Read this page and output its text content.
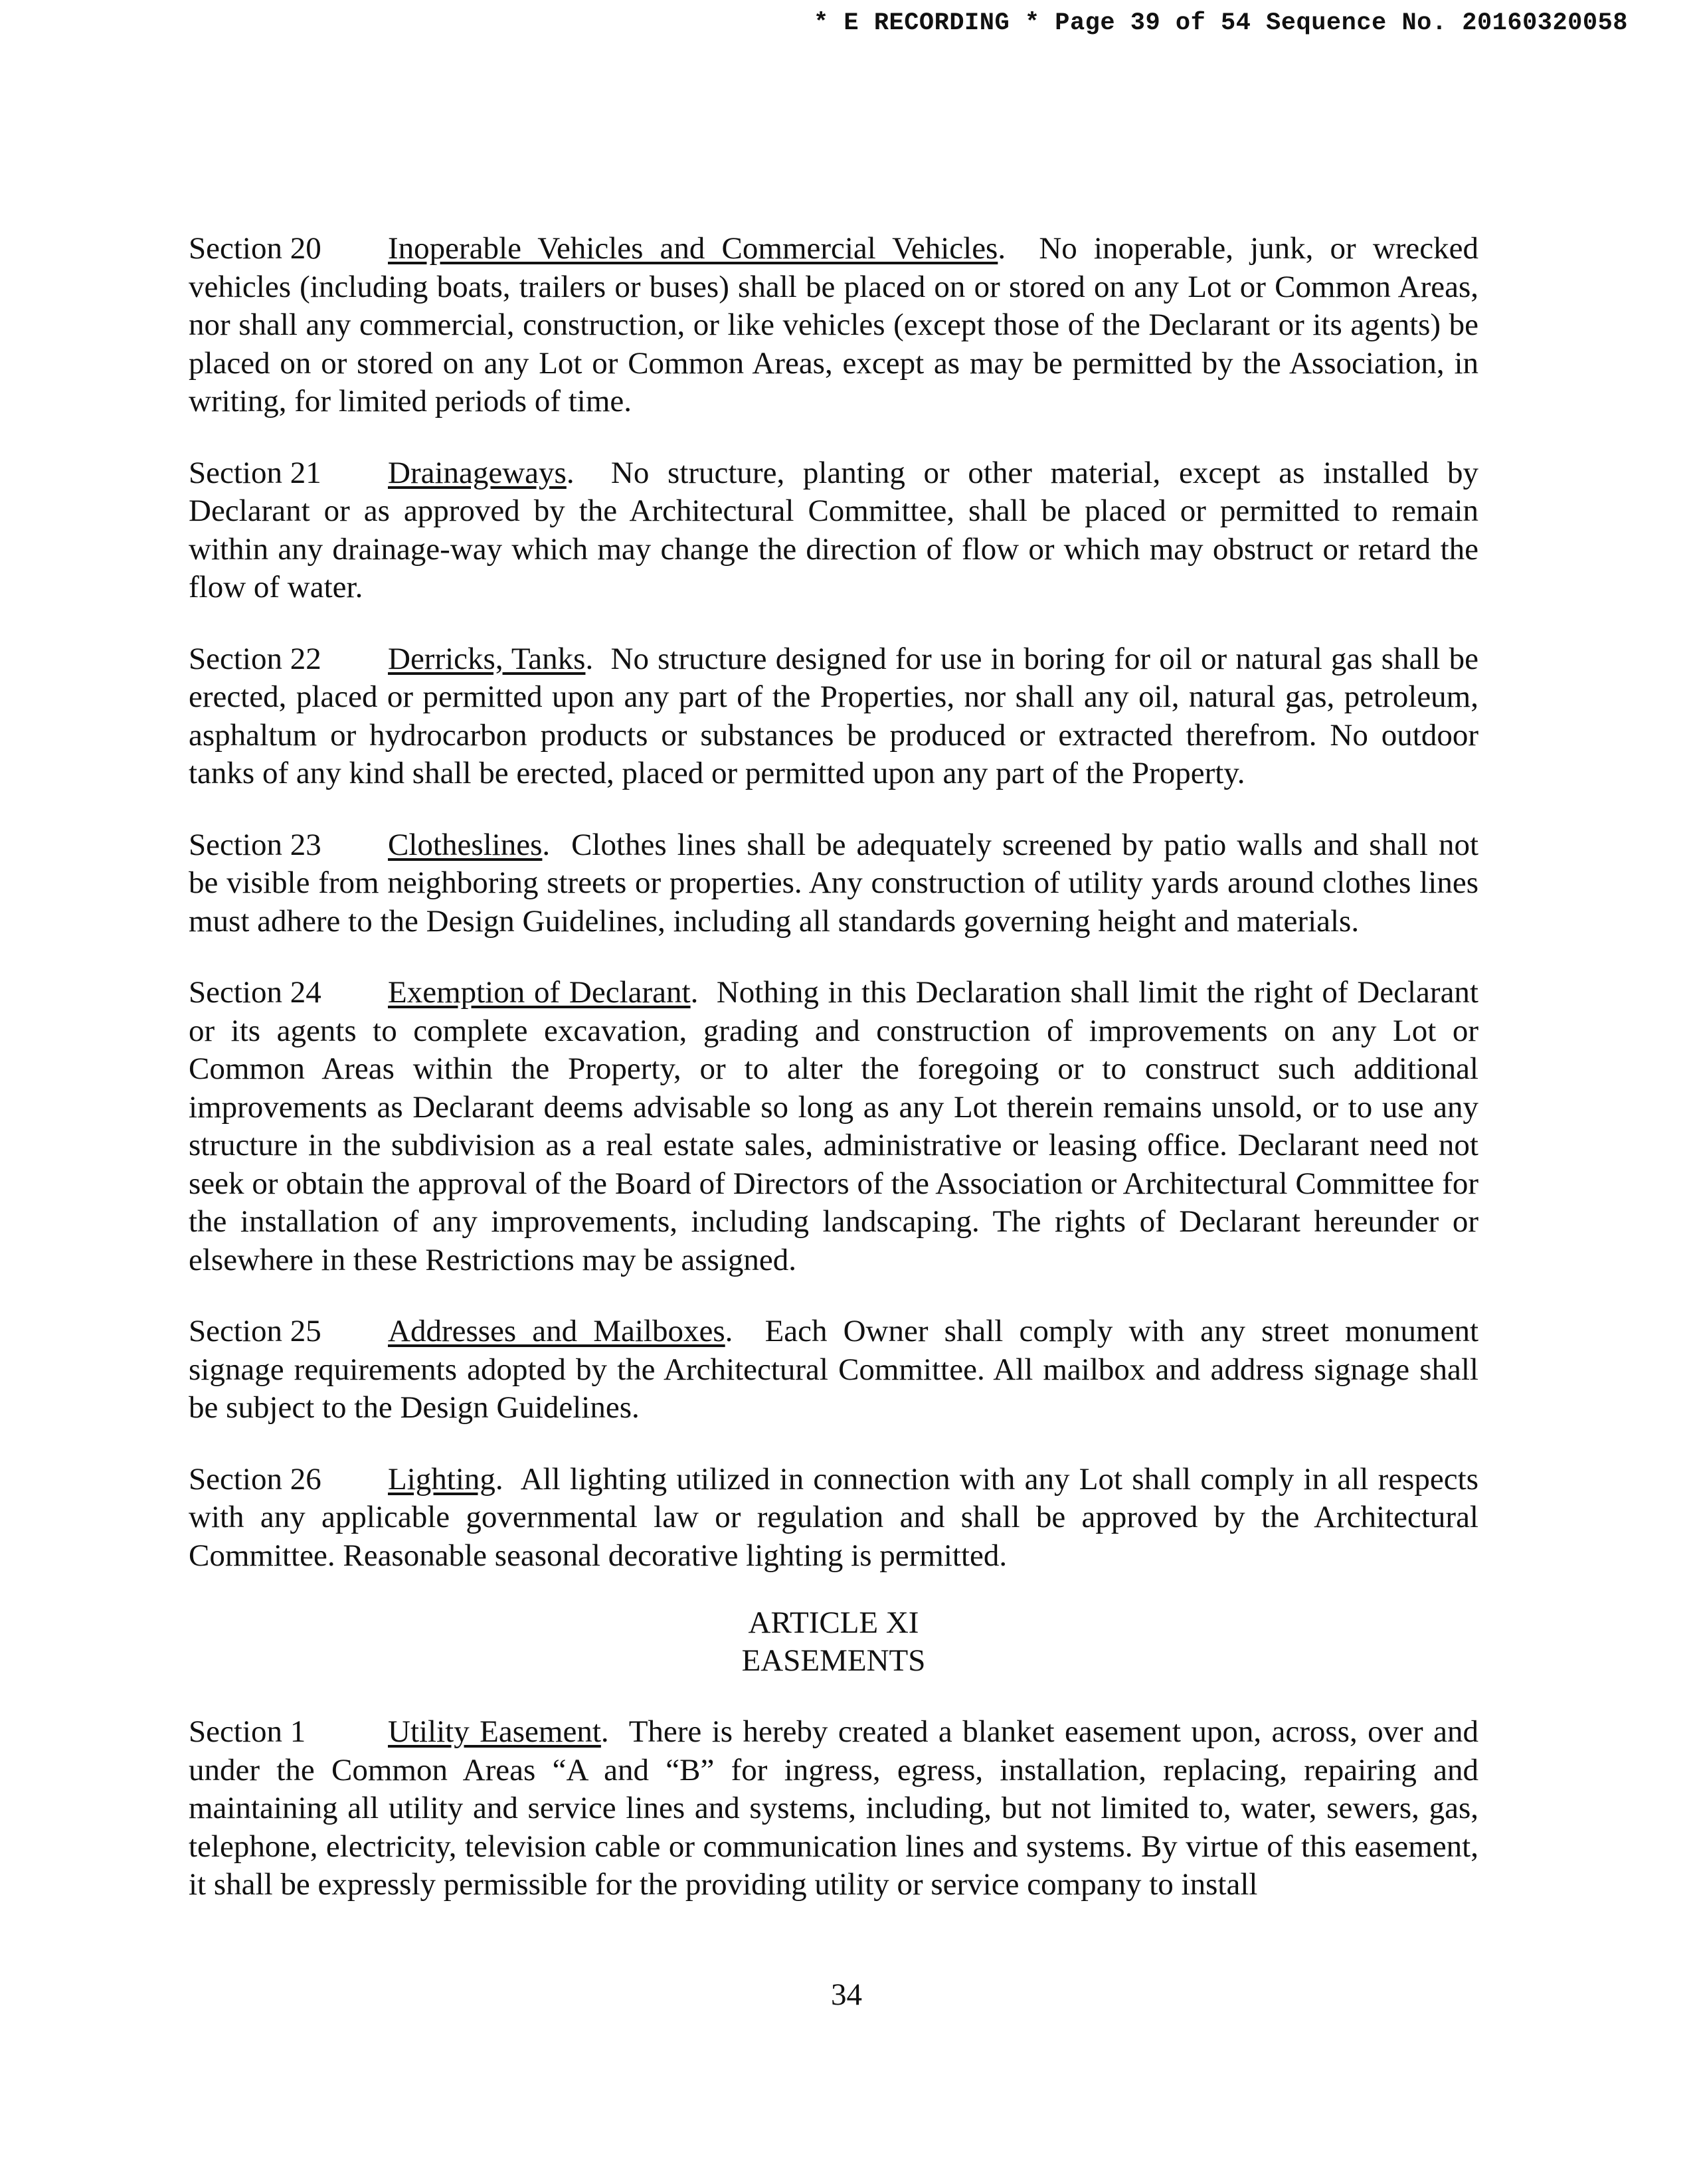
* E RECORDING * Page 39 of 54 Sequence No. 20160320058

Section 20 Inoperable Vehicles and Commercial Vehicles.  No inoperable, junk, or wrecked vehicles (including boats, trailers or buses) shall be placed on or stored on any Lot or Common Areas, nor shall any commercial, construction, or like vehicles (except those of the Declarant or its agents) be placed on or stored on any Lot or Common Areas, except as may be permitted by the Association, in writing, for limited periods of time.

Section 21 Drainageways.  No structure, planting or other material, except as installed by Declarant or as approved by the Architectural Committee, shall be placed or permitted to remain within any drainage-way which may change the direction of flow or which may obstruct or retard the flow of water.

Section 22 Derricks, Tanks.  No structure designed for use in boring for oil or natural gas shall be erected, placed or permitted upon any part of the Properties, nor shall any oil, natural gas, petroleum, asphaltum or hydrocarbon products or substances be produced or extracted therefrom. No outdoor tanks of any kind shall be erected, placed or permitted upon any part of the Property.

Section 23 Clotheslines.  Clothes lines shall be adequately screened by patio walls and shall not be visible from neighboring streets or properties. Any construction of utility yards around clothes lines must adhere to the Design Guidelines, including all standards governing height and materials.

Section 24 Exemption of Declarant.  Nothing in this Declaration shall limit the right of Declarant or its agents to complete excavation, grading and construction of improvements on any Lot or Common Areas within the Property, or to alter the foregoing or to construct such additional improvements as Declarant deems advisable so long as any Lot therein remains unsold, or to use any structure in the subdivision as a real estate sales, administrative or leasing office. Declarant need not seek or obtain the approval of the Board of Directors of the Association or Architectural Committee for the installation of any improvements, including landscaping. The rights of Declarant hereunder or elsewhere in these Restrictions may be assigned.

Section 25 Addresses and Mailboxes.  Each Owner shall comply with any street monument signage requirements adopted by the Architectural Committee. All mailbox and address signage shall be subject to the Design Guidelines.

Section 26 Lighting.  All lighting utilized in connection with any Lot shall comply in all respects with any applicable governmental law or regulation and shall be approved by the Architectural Committee. Reasonable seasonal decorative lighting is permitted.

ARTICLE XI
EASEMENTS

Section 1	Utility Easement.  There is hereby created a blanket easement upon, across, over and under the Common Areas “A and “B” for ingress, egress, installation, replacing, repairing and maintaining all utility and service lines and systems, including, but not limited to, water, sewers, gas, telephone, electricity, television cable or communication lines and systems. By virtue of this easement, it shall be expressly permissible for the providing utility or service company to install

34
